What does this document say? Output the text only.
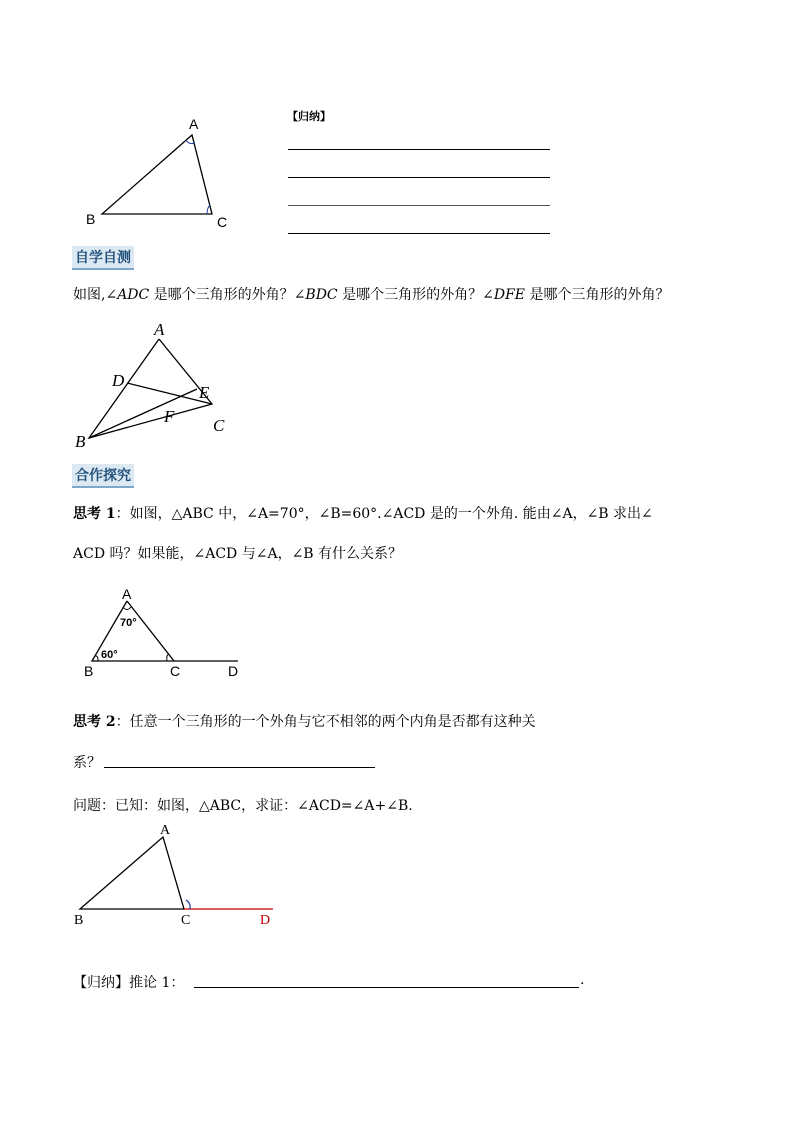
A
B	C
【归纳】
自学自测
如图,∠ADC 是哪个三角形的外角？∠BDC 是哪个三角形的外角？∠DFE 是哪个三角形的外角？
A
D
E
F C
B
合作探究
思考 1：如图，△ABC 中，∠A=70°，∠B=60°.∠ACD 是的一个外角. 能由∠A，∠B 求出∠
ACD 吗？如果能，∠ACD 与∠A，∠B 有什么关系？
A
70°
60°
B	C	D
思考 2：任意一个三角形的一个外角与它不相邻的两个内角是否都有这种关
系？
问题：已知：如图，△ABC，求证：∠ACD=∠A+∠B.
A
B	C	D
【归纳】推论 1：	.
